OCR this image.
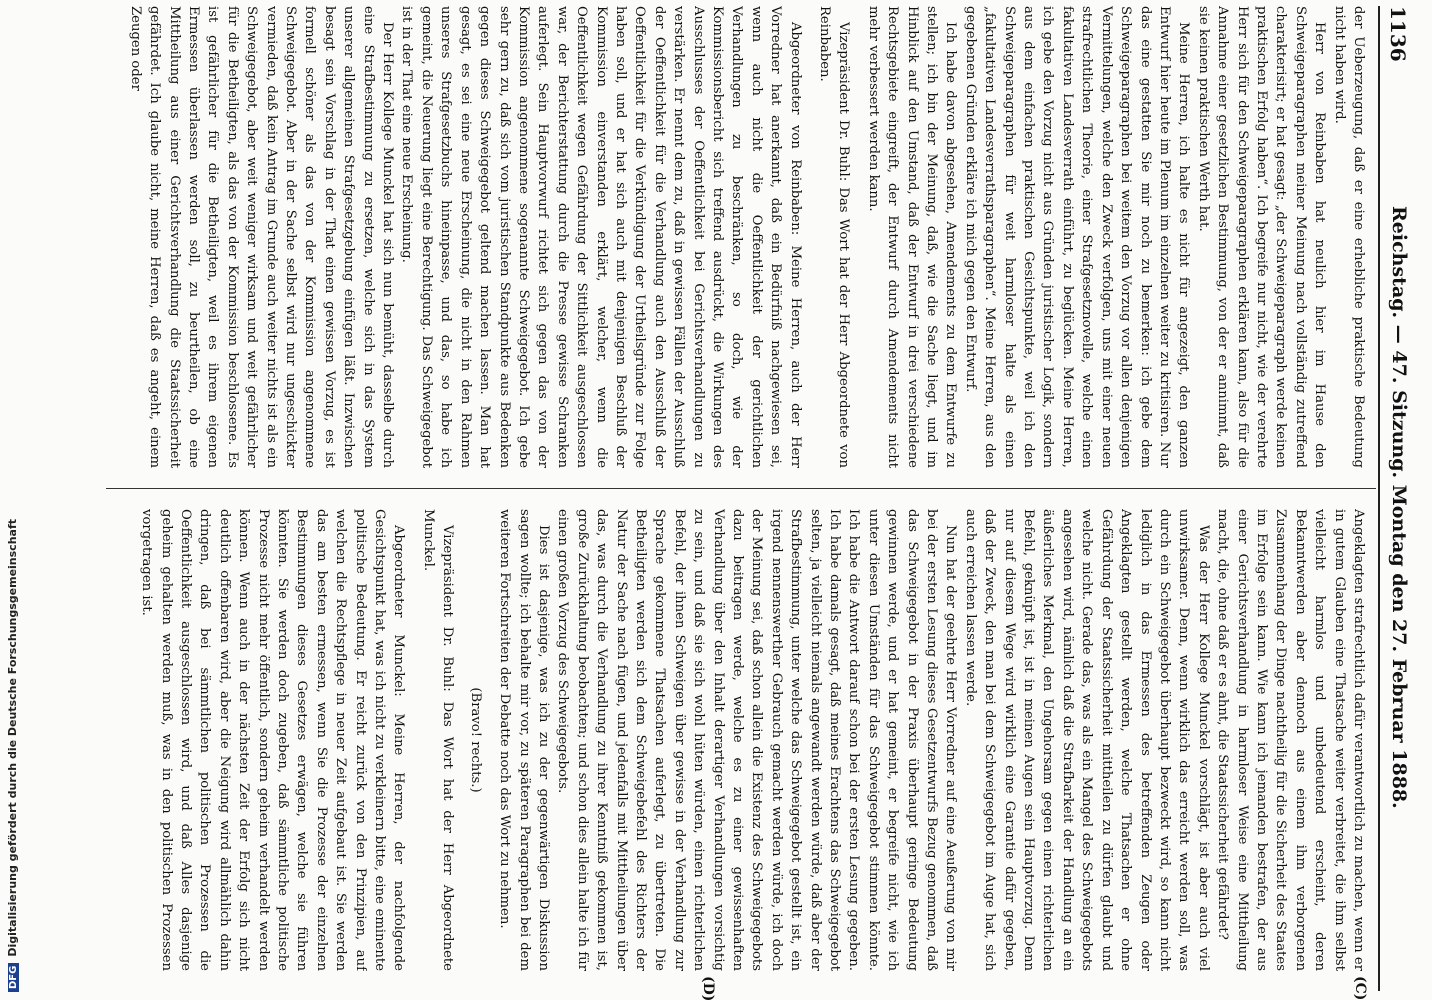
1136
Reichstag. — 47. Sitzung. Montag den 27. Februar 1888.
(C)
(D)

der Ueberzeugung, daß er eine erhebliche praktische Bedeutung nicht haben wird.

Herr von Reinbaben hat neulich hier im Hause den Schweigeparagraphen meiner Meinung nach vollständig zutreffend charakterisirt; er hat gesagt: „der Schweigeparagraph werde keinen praktischen Erfolg haben“. Ich begreife nur nicht, wie der verehrte Herr sich für den Schweigeparagraphen erklären kann, also für die Annahme einer gesetzlichen Bestimmung, von der er annimmt, daß sie keinen praktischen Werth hat.

Meine Herren, ich halte es nicht für angezeigt, den ganzen Entwurf hier heute im Plenum im einzelnen weiter zu kritisiren. Nur das eine gestatten Sie mir noch zu bemerken: ich gebe dem Schweigeparagraphen bei weitem den Vorzug vor allen denjenigen Vermittelungen, welche den Zweck verfolgen, uns mit einer neuen strafrechtlichen Theorie, einer Strafgesetznovelle, welche einen fakultativen Landesverrath einführt, zu beglücken. Meine Herren, ich gebe den Vorzug nicht aus Gründen juristischer Logik, sondern aus dem einfachen praktischen Gesichtspunkte, weil ich den Schweigeparagraphen für weit harmloser halte als einen „fakultativen Landesverrathsparagraphen“. Meine Herren, aus den gegebenen Gründen erkläre ich mich gegen den Entwurf.

Ich habe davon abgesehen, Amendements zu dem Entwurfe zu stellen; ich bin der Meinung, daß, wie die Sache liegt, und im Hinblick auf den Umstand, daß der Entwurf in drei verschiedene Rechtsgebiete eingreift, der Entwurf durch Amendements nicht mehr verbessert werden kann.

Vizepräsident Dr. Buhl: Das Wort hat der Herr Abgeordnete von Reinbaben.

Abgeordneter von Reinbaben: Meine Herren, auch der Herr Vorredner hat anerkannt, daß ein Bedürfniß nachgewiesen sei, wenn auch nicht die Oeffentlichkeit der gerichtlichen Verhandlungen zu beschränken, so doch, wie der Kommissionsbericht sich treffend ausdrückt, die Wirkungen des Ausschlusses der Oeffentlichkeit bei Gerichtsverhandlungen zu verstärken. Er nennt dem zu, daß in gewissen Fällen der Ausschluß der Oeffentlichkeit für die Verhandlung auch den Ausschluß der Oeffentlichkeit für die Verkündigung der Urtheilsgründe zur Folge haben soll, und er hat sich auch mit denjenigen Beschluß der Kommission einverstanden erklärt, welcher, wenn die Oeffentlichkeit wegen Gefährdung der Sittlichkeit ausgeschlossen war, der Berichterstattung durch die Presse gewisse Schranken auferlegt. Sein Hauptvorwurf richtet sich gegen das von der Kommission angenommene sogenannte Schweigegebot. Ich gebe sehr gern zu, daß sich vom juristischen Standpunkte aus Bedenken gegen dieses Schweigegebot geltend machen lassen. Man hat gesagt, es sei eine neue Erscheinung, die nicht in den Rahmen unseres Strafgesetzbuchs hineinpasse, und das, so habe ich gemeint, die Neuerung liegt eine Berechtigung. Das Schweigegebot ist in der That eine neue Erscheinung.

Der Herr Kollege Munckel hat sich nun bemüht, dasselbe durch eine Strafbestimmung zu ersetzen, welche sich in das System unserer allgemeinen Strafgesetzgebung einfügen läßt. Inzwischen besagt sein Vorschlag in der That einen gewissen Vorzug, es ist formell schöner als das von der Kommission angenommene Schweigegebot. Aber in der Sache selbst wird nur ungeschickter vermieden, daß kein Antrag im Grunde auch weiter nichts ist als ein Schweigegebot, aber weit weniger wirksam und weit gefährlicher für die Betheiligten, als das von der Kommission beschlossene. Es ist gefährlicher für die Betheiligten, weil es ihrem eigenen Ermessen überlassen werden soll, zu beurtheilen, ob eine Mittheilung aus einer Gerichtsverhandlung die Staatssicherheit gefährdet. Ich glaube nicht, meine Herren, daß es angeht, einem Zeugen oder

Angeklagten strafrechtlich dafür verantwortlich zu machen, wenn er in gutem Glauben eine Thatsache weiter verbreitet, die ihm selbst vielleicht harmlos und unbedeutend erscheint, deren Bekanntwerden aber dennoch aus einem ihm verborgenen Zusammenhang der Dinge nachtheilig für die Sicherheit des Staates im Erfolge sein kann. Wie kann ich jemanden bestrafen, der aus einer Gerichtsverhandlung in harmloser Weise eine Mittheilung macht, die, ohne daß er es ahnt, die Staatssicherheit gefährdet?

Was der Herr Kollege Munckel vorschlägt, ist aber auch viel unwirksamer. Denn, wenn wirklich das erreicht werden soll, was durch ein Schweigegebot überhaupt bezweckt wird, so kann nicht lediglich in das Ermessen des betreffenden Zeugen oder Angeklagten gestellt werden, welche Thatsachen er ohne Gefährdung der Staatssicherheit mittheilen zu dürfen glaubt und welche nicht. Gerade das, was als ein Mangel des Schweigegebots angesehen wird, nämlich daß die Strafbarkeit der Handlung an ein äußerliches Merkmal, den Ungehorsam gegen einen richterlichen Befehl, geknüpft ist, ist in meinen Augen sein Hauptvorzug. Denn nur auf diesem Wege wird wirklich eine Garantie dafür gegeben, daß der Zweck, den man bei dem Schweigegebot im Auge hat, sich auch erreichen lassen werde.

Nun hat der geehrte Herr Vorredner auf eine Aeußerung von mir bei der ersten Lesung dieses Gesetzentwurfs Bezug genommen, daß das Schweigegebot in der Praxis überhaupt geringe Bedeutung gewinnen werde, und er hat gemeint, er begreife nicht, wie ich unter diesen Umständen für das Schweigegebot stimmen könnte. Ich habe die Antwort darauf schon bei der ersten Lesung gegeben. Ich habe damals gesagt, daß meines Erachtens das Schweigegebot selten, ja vielleicht niemals angewandt werden würde, daß aber der Strafbestimmung, unter welche das Schweigegebot gestellt ist, ein irgend nennenswerther Gebrauch gemacht werden würde, ich doch der Meinung sei, daß schon allein die Existenz des Schweigegebots dazu beitragen werde, welche es zu einer gewissenhaften Verhandlung über den Inhalt derartiger Verhandlungen vorsichtig zu sein, und daß sie sich wohl hüten würden, einen richterlichen Befehl, der ihnen Schweigen über gewisse in der Verhandlung zur Sprache gekommene Thatsachen auferlegt, zu übertreten. Die Betheiligten werden sich dem Schweigebefehl des Richters der Natur der Sache nach fügen, und jedenfalls mit Mittheilungen über das, was durch die Verhandlung zu ihrer Kenntniß gekommen ist, große Zurückhaltung beobachten; und schon dies allein halte ich für einen großen Vorzug des Schweigegebots.

Dies ist dasjenige, was ich zu der gegenwärtigen Diskussion sagen wollte; ich behalte mir vor, zu späteren Paragraphen bei dem weiteren Fortschreiten der Debatte noch das Wort zu nehmen.

(Bravo! rechts.)

Vizepräsident Dr. Buhl: Das Wort hat der Herr Abgeordnete Munckel.

Abgeordneter Munckel: Meine Herren, der nachfolgende Gesichtspunkt hat, was ich nicht zu verkleinern bitte, eine eminente politische Bedeutung. Er reicht zurück von den Prinzipien, auf welchen die Rechtspflege in neuer Zeit aufgebaut ist. Sie werden das am besten ermessen, wenn Sie die Prozesse der einzelnen Bestimmungen dieses Gesetzes erwägen, welche sie führen könnten. Sie werden doch zugeben, daß sämmtliche politische Prozesse nicht mehr öffentlich, sondern geheim verhandelt werden können. Wenn auch in der nächsten Zeit der Erfolg sich nicht deutlich offenbaren wird, aber die Neigung wird allmählich dahin dringen, daß bei sämmtlichen politischen Prozessen die Oeffentlichkeit ausgeschlossen wird, und daß Alles dasjenige geheim gehalten werden muß, was in den politischen Prozessen vorgetragen ist.

DFGDigitalisierung gefördert durch die Deutsche Forschungsgemeinschaft
